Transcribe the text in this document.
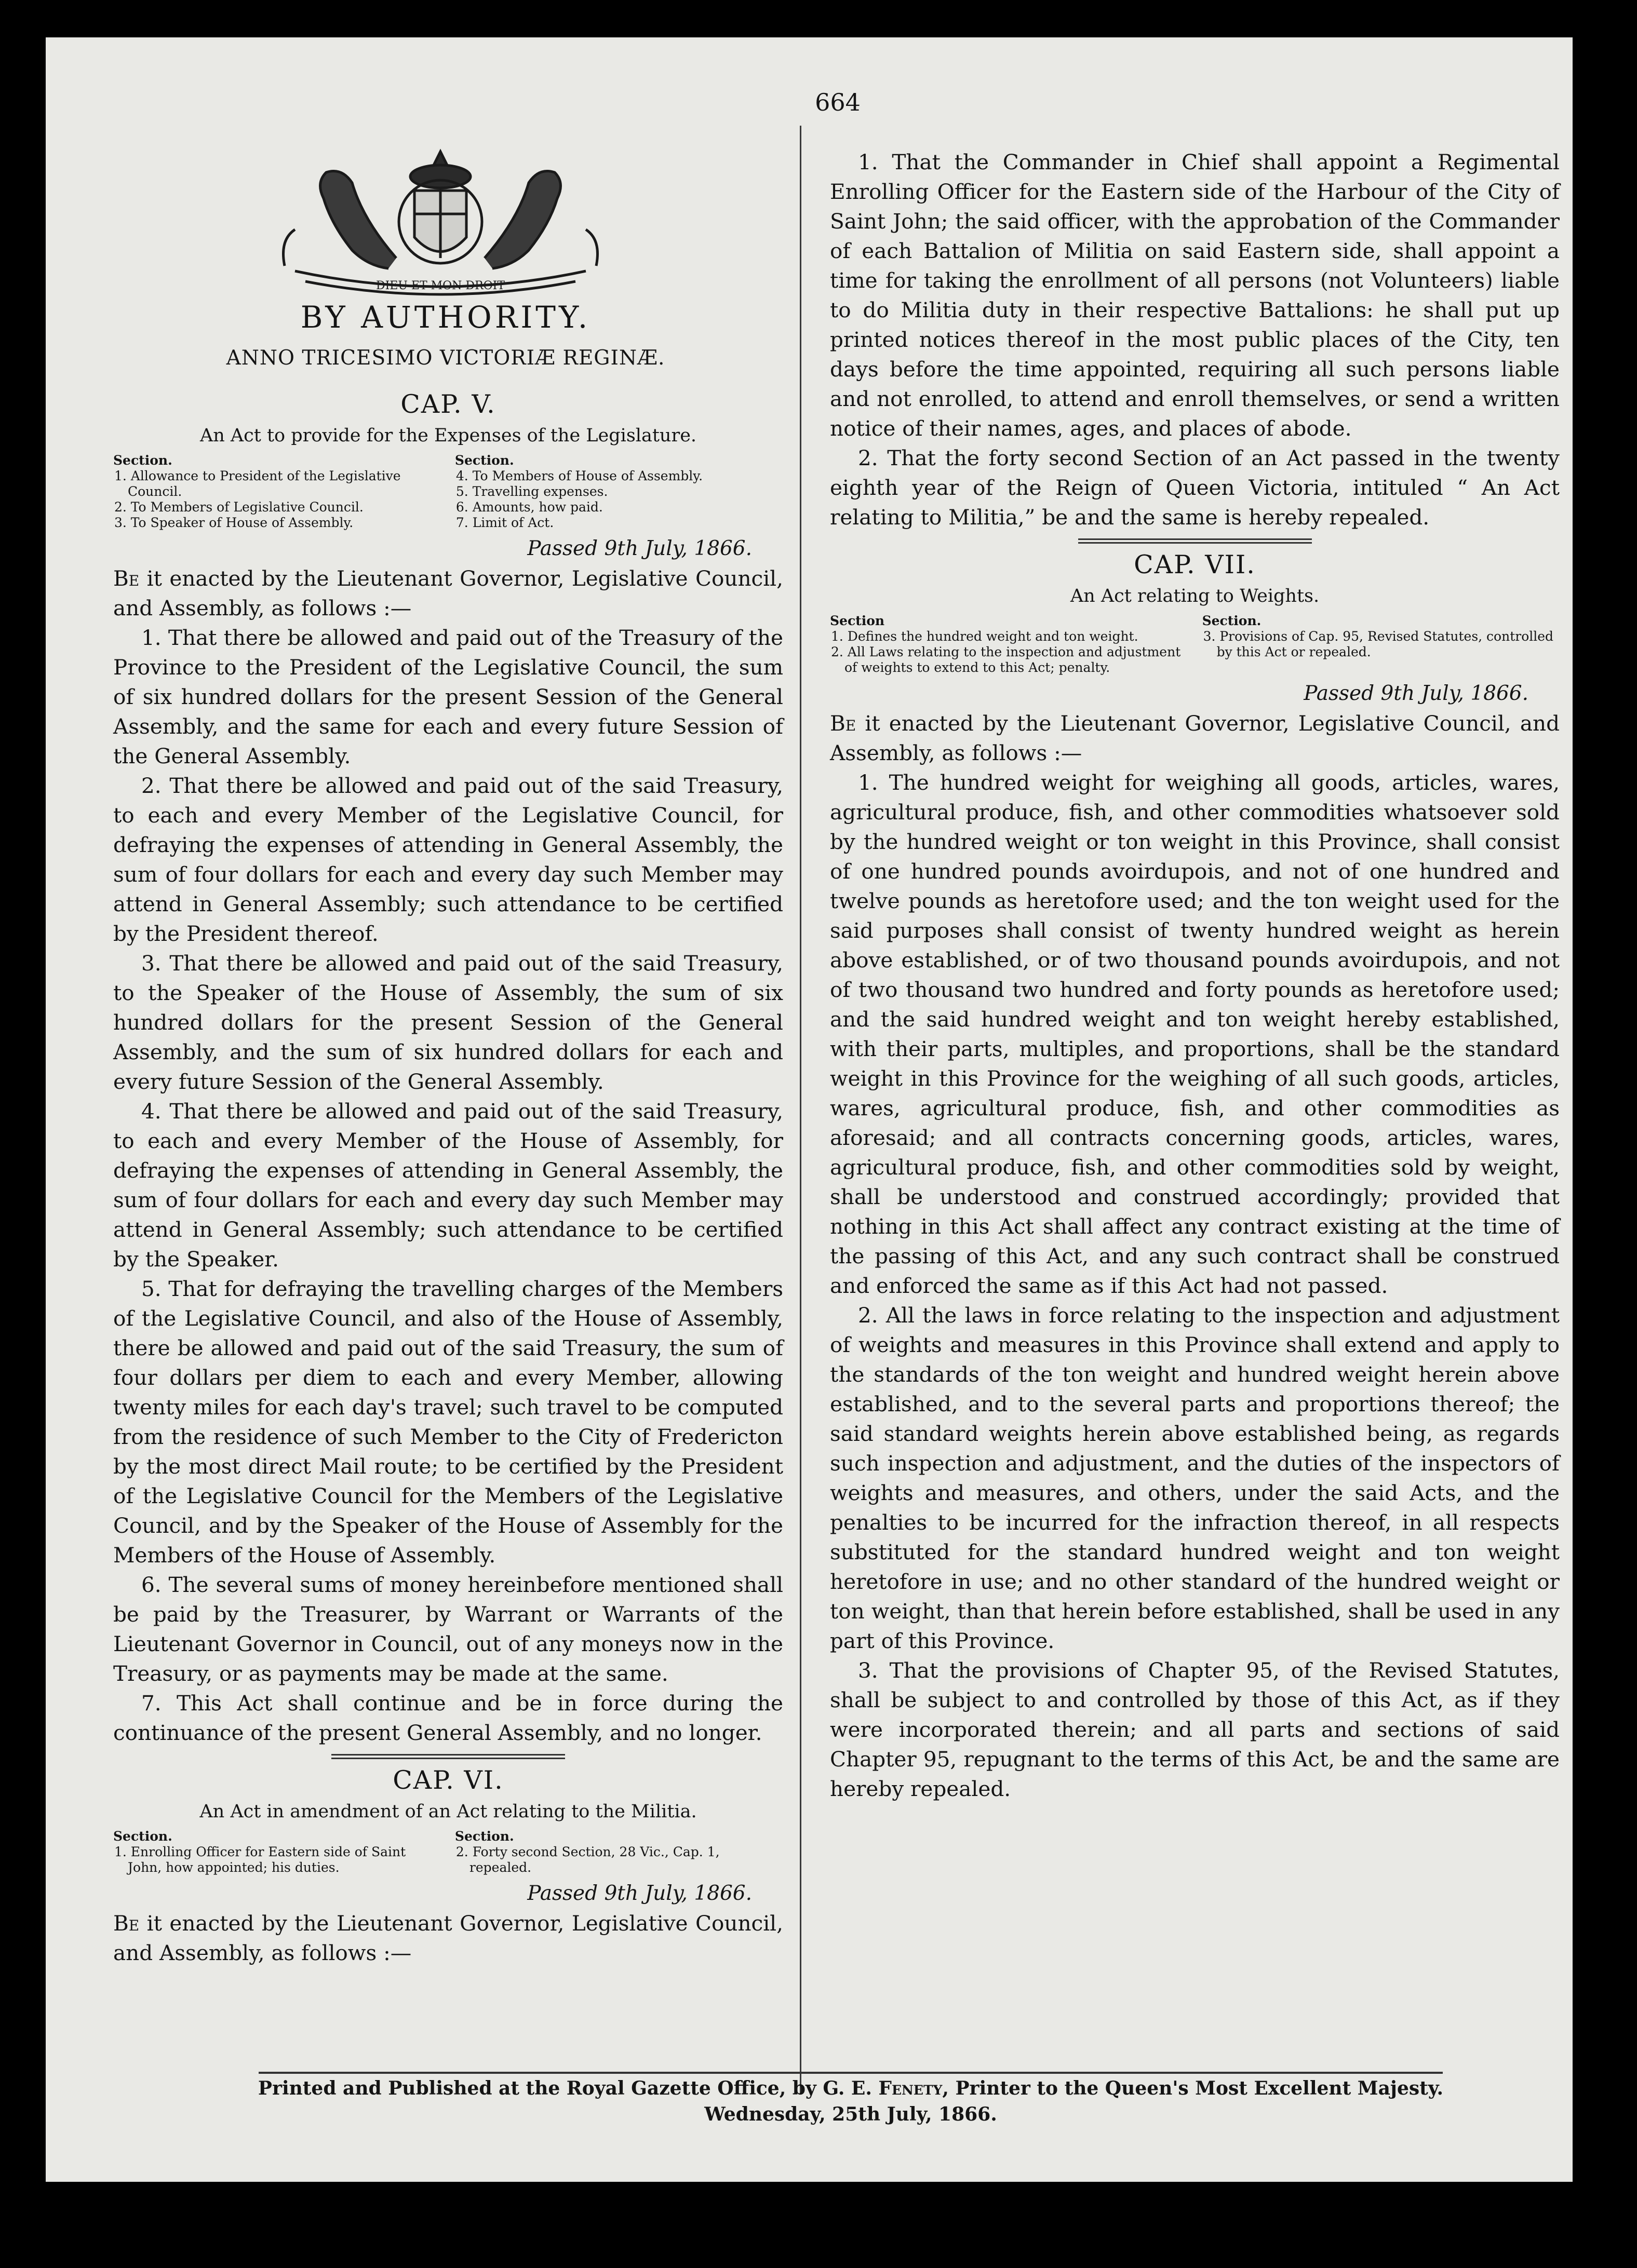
664
DIEU ET MON DROIT
BY AUTHORITY.
ANNO TRICESIMO VICTORIÆ REGINÆ.
CAP. V.
An Act to provide for the Expenses of the Legislature.
Section.
1. Allowance to President of the Legislative Council.
2. To Members of Legislative Council.
3. To Speaker of House of Assembly.
Section.
4. To Members of House of Assembly.
5. Travelling expenses.
6. Amounts, how paid.
7. Limit of Act.
Passed 9th July, 1866.

Be it enacted by the Lieutenant Governor, Legislative Council, and Assembly, as follows :—

1. That there be allowed and paid out of the Treasury of the Province to the President of the Legislative Council, the sum of six hundred dollars for the present Session of the General Assembly, and the same for each and every future Session of the General Assembly.

2. That there be allowed and paid out of the said Treasury, to each and every Member of the Legislative Council, for defraying the expenses of attending in General Assembly, the sum of four dollars for each and every day such Member may attend in General Assembly; such attendance to be certified by the President thereof.

3. That there be allowed and paid out of the said Treasury, to the Speaker of the House of Assembly, the sum of six hundred dollars for the present Session of the General Assembly, and the sum of six hundred dollars for each and every future Session of the General Assembly.

4. That there be allowed and paid out of the said Treasury, to each and every Member of the House of Assembly, for defraying the expenses of attending in General Assembly, the sum of four dollars for each and every day such Member may attend in General Assembly; such attendance to be certified by the Speaker.

5. That for defraying the travelling charges of the Members of the Legislative Council, and also of the House of Assembly, there be allowed and paid out of the said Treasury, the sum of four dollars per diem to each and every Member, allowing twenty miles for each day's travel; such travel to be computed from the residence of such Member to the City of Fredericton by the most direct Mail route; to be certified by the President of the Legislative Council for the Members of the Legislative Council, and by the Speaker of the House of Assembly for the Members of the House of Assembly.

6. The several sums of money hereinbefore mentioned shall be paid by the Treasurer, by Warrant or Warrants of the Lieutenant Governor in Council, out of any moneys now in the Treasury, or as payments may be made at the same.

7. This Act shall continue and be in force during the continuance of the present General Assembly, and no longer.

CAP. VI.
An Act in amendment of an Act relating to the Militia.
Section.
1. Enrolling Officer for Eastern side of Saint John, how appointed; his duties.
Section.
2. Forty second Section, 28 Vic., Cap. 1, repealed.
Passed 9th July, 1866.

Be it enacted by the Lieutenant Governor, Legislative Council, and Assembly, as follows :—

1. That the Commander in Chief shall appoint a Regimental Enrolling Officer for the Eastern side of the Harbour of the City of Saint John; the said officer, with the approbation of the Commander of each Battalion of Militia on said Eastern side, shall appoint a time for taking the enrollment of all persons (not Volunteers) liable to do Militia duty in their respective Battalions: he shall put up printed notices thereof in the most public places of the City, ten days before the time appointed, requiring all such persons liable and not enrolled, to attend and enroll themselves, or send a written notice of their names, ages, and places of abode.

2. That the forty second Section of an Act passed in the twenty eighth year of the Reign of Queen Victoria, intituled “ An Act relating to Militia,” be and the same is hereby repealed.

CAP. VII.
An Act relating to Weights.
Section
1. Defines the hundred weight and ton weight.
2. All Laws relating to the inspection and adjustment of weights to extend to this Act; penalty.
Section.
3. Provisions of Cap. 95, Revised Statutes, controlled by this Act or repealed.
Passed 9th July, 1866.

Be it enacted by the Lieutenant Governor, Legislative Council, and Assembly, as follows :—

1. The hundred weight for weighing all goods, articles, wares, agricultural produce, fish, and other commodities whatsoever sold by the hundred weight or ton weight in this Province, shall consist of one hundred pounds avoirdupois, and not of one hundred and twelve pounds as heretofore used; and the ton weight used for the said purposes shall consist of twenty hundred weight as herein above established, or of two thousand pounds avoirdupois, and not of two thousand two hundred and forty pounds as heretofore used; and the said hundred weight and ton weight hereby established, with their parts, multiples, and proportions, shall be the standard weight in this Province for the weighing of all such goods, articles, wares, agricultural produce, fish, and other commodities as aforesaid; and all contracts concerning goods, articles, wares, agricultural produce, fish, and other commodities sold by weight, shall be understood and construed accordingly; provided that nothing in this Act shall affect any contract existing at the time of the passing of this Act, and any such contract shall be construed and enforced the same as if this Act had not passed.

2. All the laws in force relating to the inspection and adjustment of weights and measures in this Province shall extend and apply to the standards of the ton weight and hundred weight herein above established, and to the several parts and proportions thereof; the said standard weights herein above established being, as regards such inspection and adjustment, and the duties of the inspectors of weights and measures, and others, under the said Acts, and the penalties to be incurred for the infraction thereof, in all respects substituted for the standard hundred weight and ton weight heretofore in use; and no other standard of the hundred weight or ton weight, than that herein before established, shall be used in any part of this Province.

3. That the provisions of Chapter 95, of the Revised Statutes, shall be subject to and controlled by those of this Act, as if they were incorporated therein; and all parts and sections of said Chapter 95, repugnant to the terms of this Act, be and the same are hereby repealed.

Printed and Published at the Royal Gazette Office, by G. E. Fenety, Printer to the Queen's Most Excellent Majesty.
Wednesday, 25th July, 1866.
